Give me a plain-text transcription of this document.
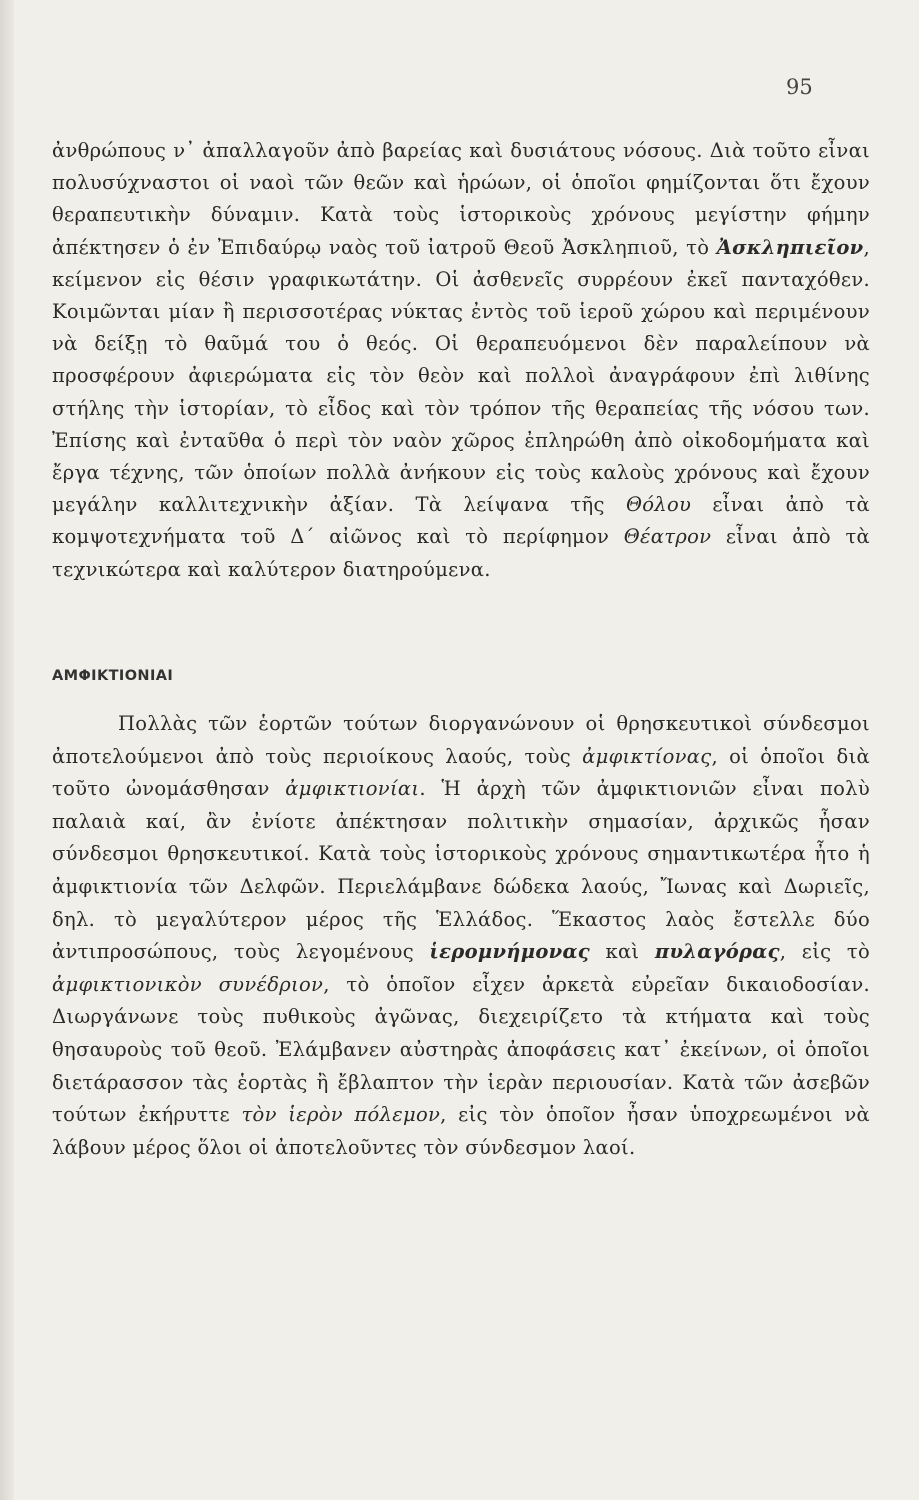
95

ἀνθρώπους ν᾽ ἀπαλλαγοῦν ἀπὸ βαρείας καὶ δυσιάτους νόσους. Διὰ τοῦτο εἶναι πολυσύχναστοι οἱ ναοὶ τῶν θεῶν καὶ ἡρώων, οἱ ὁποῖοι φημίζονται ὅτι ἔχουν θεραπευτικὴν δύναμιν. Κατὰ τοὺς ἱστορικοὺς χρόνους μεγίστην φήμην ἀπέκτησεν ὁ ἐν Ἐπιδαύρῳ ναὸς τοῦ ἰατροῦ Θεοῦ Ἀσκληπιοῦ, τὸ Ἀσκληπιεῖον, κείμενον εἰς θέσιν γραφικωτάτην. Οἱ ἀσθενεῖς συρρέουν ἐκεῖ πανταχόθεν. Κοιμῶνται μίαν ἢ περισσοτέρας νύκτας ἐντὸς τοῦ ἱεροῦ χώρου καὶ περιμένουν νὰ δείξῃ τὸ θαῦμά του ὁ θεός. Οἱ θεραπευόμενοι δὲν παραλείπουν νὰ προσφέρουν ἀφιερώματα εἰς τὸν θεὸν καὶ πολλοὶ ἀναγράφουν ἐπὶ λιθίνης στήλης τὴν ἱστορίαν, τὸ εἶδος καὶ τὸν τρόπον τῆς θεραπείας τῆς νόσου των. Ἐπίσης καὶ ἐνταῦθα ὁ περὶ τὸν ναὸν χῶρος ἐπληρώθη ἀπὸ οἰκοδομήματα καὶ ἔργα τέχνης, τῶν ὁποίων πολλὰ ἀνήκουν εἰς τοὺς καλοὺς χρόνους καὶ ἔχουν μεγάλην καλλιτεχνικὴν ἀξίαν. Τὰ λείψανα τῆς Θόλου εἶναι ἀπὸ τὰ κομψοτεχνήματα τοῦ Δ΄ αἰῶνος καὶ τὸ περίφημον Θέατρον εἶναι ἀπὸ τὰ τεχνικώτερα καὶ καλύτερον διατηρούμενα.

ΑΜΦΙΚΤΙΟΝΙΑΙ

Πολλὰς τῶν ἑορτῶν τούτων διοργανώνουν οἱ θρησκευτικοὶ σύνδεσμοι ἀποτελούμενοι ἀπὸ τοὺς περιοίκους λαούς, τοὺς ἀμφικτίονας, οἱ ὁποῖοι διὰ τοῦτο ὠνομάσθησαν ἀμφικτιονίαι. Ἡ ἀρχὴ τῶν ἀμφικτιονιῶν εἶναι πολὺ παλαιὰ καί, ἂν ἐνίοτε ἀπέκτησαν πολιτικὴν σημασίαν, ἀρχικῶς ἦσαν σύνδεσμοι θρησκευτικοί. Κατὰ τοὺς ἱστορικοὺς χρόνους σημαντικωτέρα ἦτο ἡ ἀμφικτιονία τῶν Δελφῶν. Περιελάμβανε δώδεκα λαούς, Ἴωνας καὶ Δωριεῖς, δηλ. τὸ μεγαλύτερον μέρος τῆς Ἑλλάδος. Ἕκαστος λαὸς ἔστελλε δύο ἀντιπροσώπους, τοὺς λεγομένους ἱερομνήμονας καὶ πυλαγόρας, εἰς τὸ ἀμφικτιονικὸν συνέδριον, τὸ ὁποῖον εἶχεν ἀρκετὰ εὐρεῖαν δικαιοδοσίαν. Διωργάνωνε τοὺς πυθικοὺς ἀγῶνας, διεχειρίζετο τὰ κτήματα καὶ τοὺς θησαυροὺς τοῦ θεοῦ. Ἐλάμβανεν αὐστηρὰς ἀποφάσεις κατ᾽ ἐκείνων, οἱ ὁποῖοι διετάρασσον τὰς ἑορτὰς ἢ ἔβλαπτον τὴν ἱερὰν περιουσίαν. Κατὰ τῶν ἀσεβῶν τούτων ἐκήρυττε τὸν ἱερὸν πόλεμον, εἰς τὸν ὁποῖον ἦσαν ὑποχρεωμένοι νὰ λάβουν μέρος ὅλοι οἱ ἀποτελοῦντες τὸν σύνδεσμον λαοί.
